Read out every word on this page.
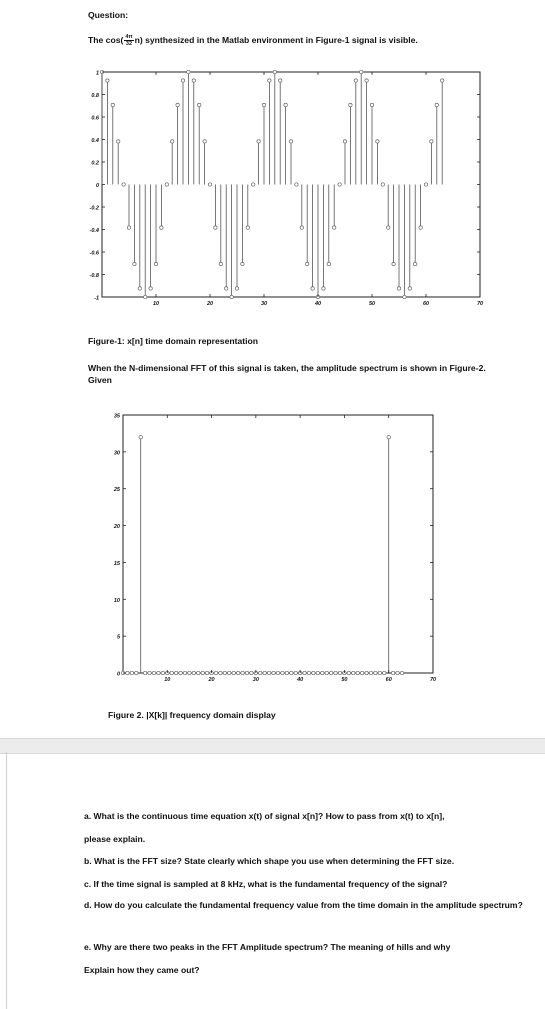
Question:
The $\cos( \frac{4\pi}{32} n)$ synthesized in the Matlab environment in Figure-1 signal is visible.
1
0.8
0.6
0.4
0.2
0
-0.2
-0.4
-0.6
-0.8
-1
10	20	30	40	50	60	70
Figure-1: x[n] time domain representation
When the N-dimensional FFT of this signal is taken, the amplitude spectrum is shown in Figure-2.
Given
35
30
25
20
15
10
5
0
10	20	30	40	50	60	70
Figure 2. |X[k]| frequency domain display
a. What is the continuous time equation x(t) of signal x[n]? How to pass from x(t) to x[n],
please explain.
b. What is the FFT size? State clearly which shape you use when determining the FFT size.
c. If the time signal is sampled at 8 kHz, what is the fundamental frequency of the signal?
d. How do you calculate the fundamental frequency value from the time domain in the amplitude spectrum?
e. Why are there two peaks in the FFT Amplitude spectrum? The meaning of hills and why
Explain how they came out?
